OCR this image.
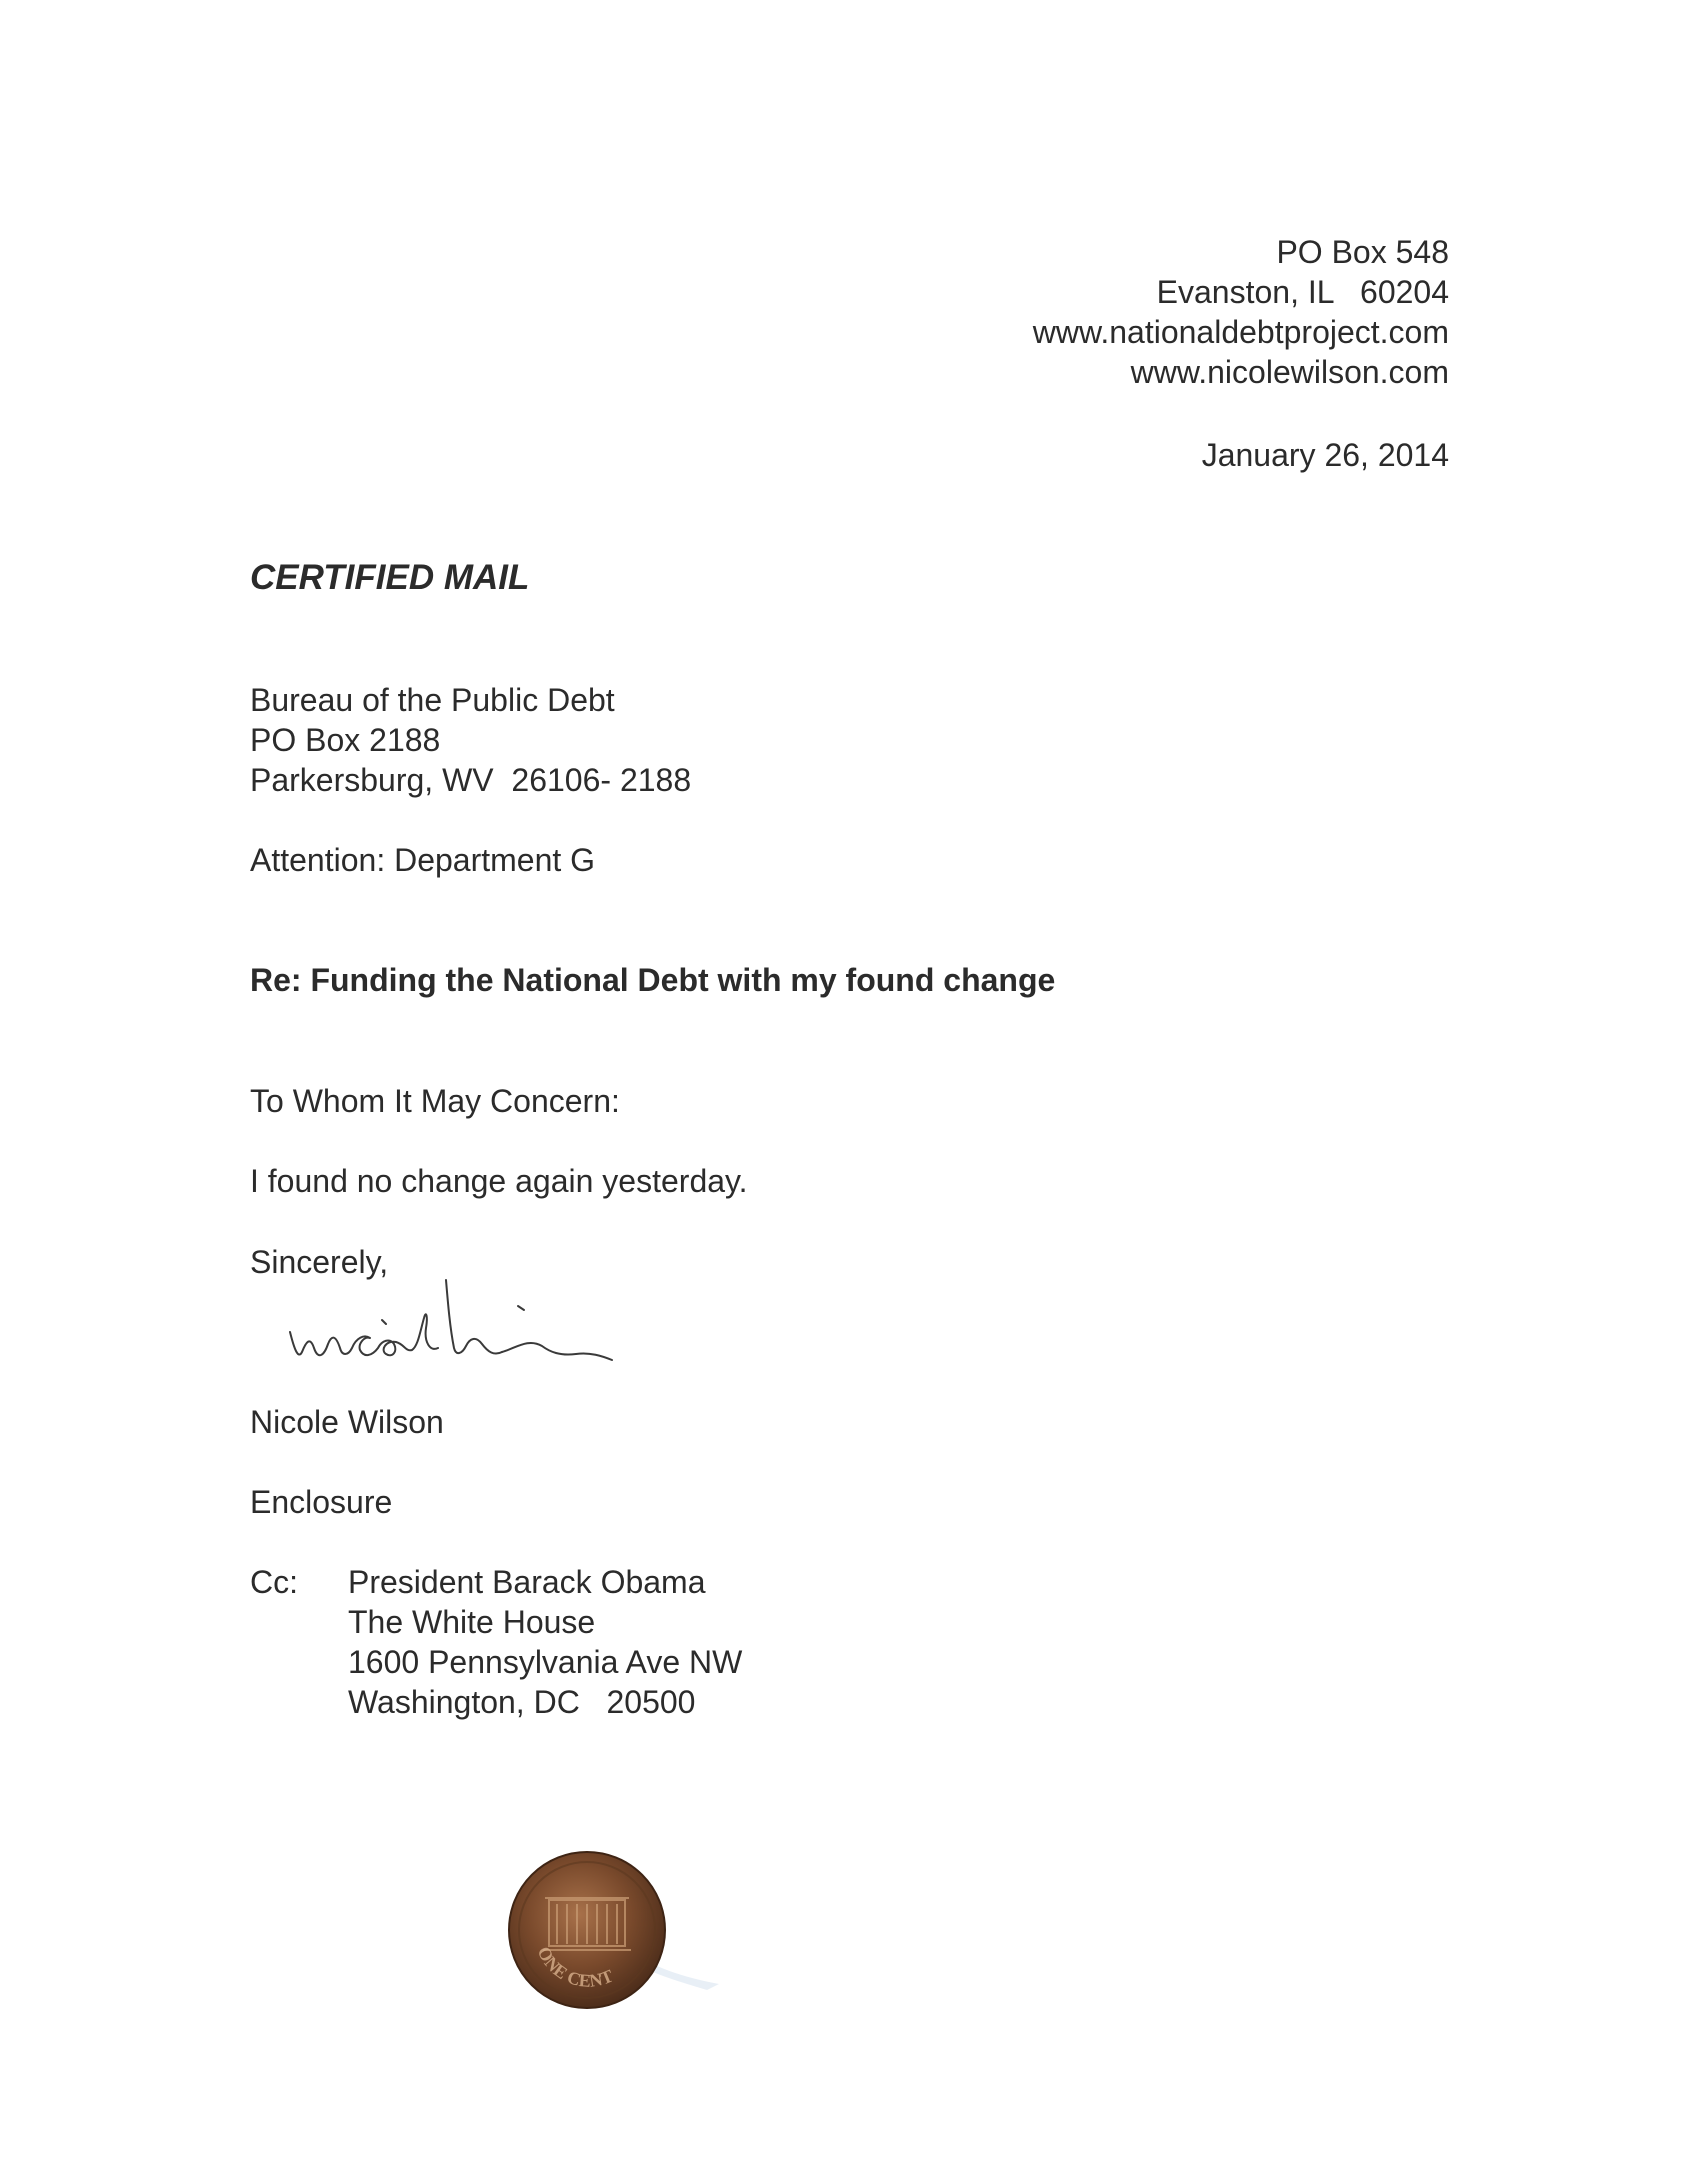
PO Box 548
Evanston, IL   60204
www.nationaldebtproject.com
www.nicolewilson.com
January 26, 2014
CERTIFIED MAIL
Bureau of the Public Debt
PO Box 2188
Parkersburg, WV  26106- 2188
Attention: Department G
Re: Funding the National Debt with my found change
To Whom It May Concern:
I found no change again yesterday.
Sincerely,
Nicole Wilson
Enclosure
Cc: President Barack Obama
The White House
1600 Pennsylvania Ave NW
Washington, DC   20500
ONE CENT
